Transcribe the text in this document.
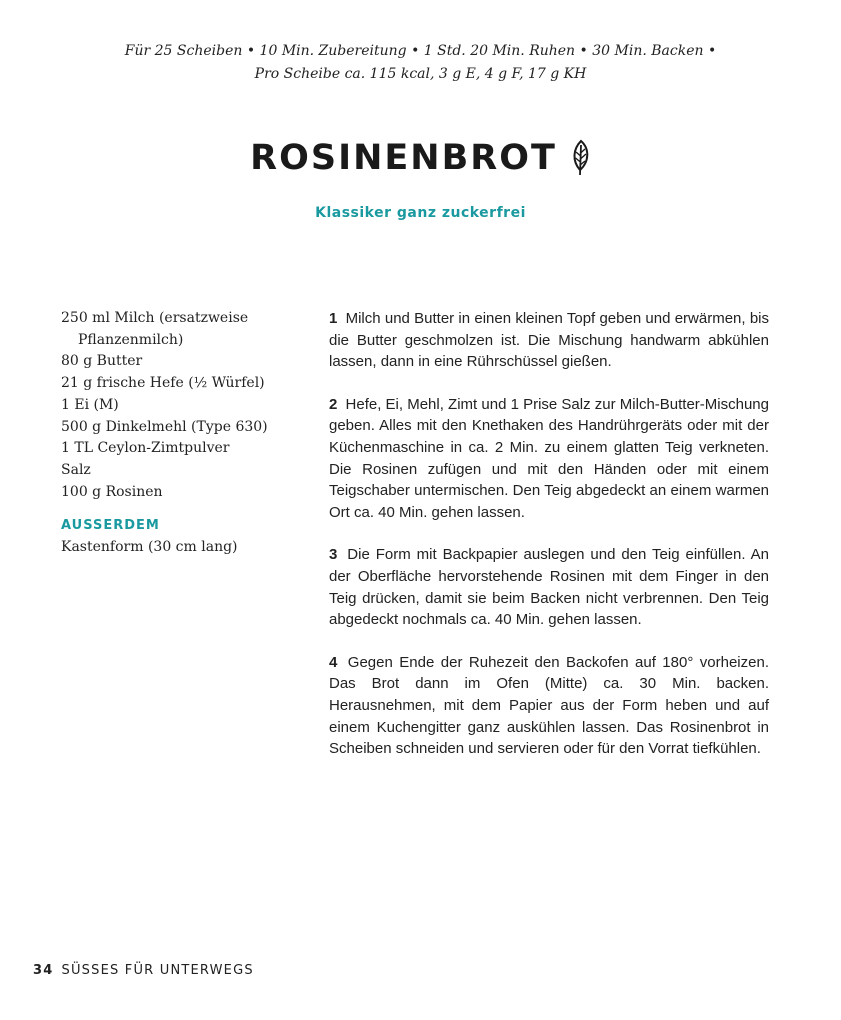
Für 25 Scheiben • 10 Min. Zubereitung • 1 Std. 20 Min. Ruhen • 30 Min. Backen •
Pro Scheibe ca. 115 kcal, 3 g E, 4 g F, 17 g KH
ROSINENBROT
Klassiker ganz zuckerfrei
250 ml Milch (ersatzweise Pflanzenmilch)
80 g Butter
21 g frische Hefe (½ Würfel)
1 Ei (M)
500 g Dinkelmehl (Type 630)
1 TL Ceylon-Zimtpulver
Salz
100 g Rosinen
AUSSERDEM
Kastenform (30 cm lang)

1 Milch und Butter in einen kleinen Topf geben und erwärmen, bis die Butter geschmolzen ist. Die Mischung handwarm abkühlen lassen, dann in eine Rührschüssel gießen.

2 Hefe, Ei, Mehl, Zimt und 1 Prise Salz zur Milch-Butter-Mischung geben. Alles mit den Knethaken des Handrührgeräts oder mit der Küchenmaschine in ca. 2 Min. zu einem glatten Teig verkneten. Die Rosinen zufügen und mit den Händen oder mit einem Teigschaber untermischen. Den Teig abgedeckt an einem warmen Ort ca. 40 Min. gehen lassen.

3 Die Form mit Backpapier auslegen und den Teig einfüllen. An der Oberfläche hervorstehende Rosinen mit dem Finger in den Teig drücken, damit sie beim Backen nicht verbrennen. Den Teig abgedeckt nochmals ca. 40 Min. gehen lassen.

4 Gegen Ende der Ruhezeit den Backofen auf 180° vorheizen. Das Brot dann im Ofen (Mitte) ca. 30 Min. backen. Herausnehmen, mit dem Papier aus der Form heben und auf einem Kuchengitter ganz auskühlen lassen. Das Rosinenbrot in Scheiben schneiden und servieren oder für den Vorrat tiefkühlen.

34 SÜSSES FÜR UNTERWEGS
